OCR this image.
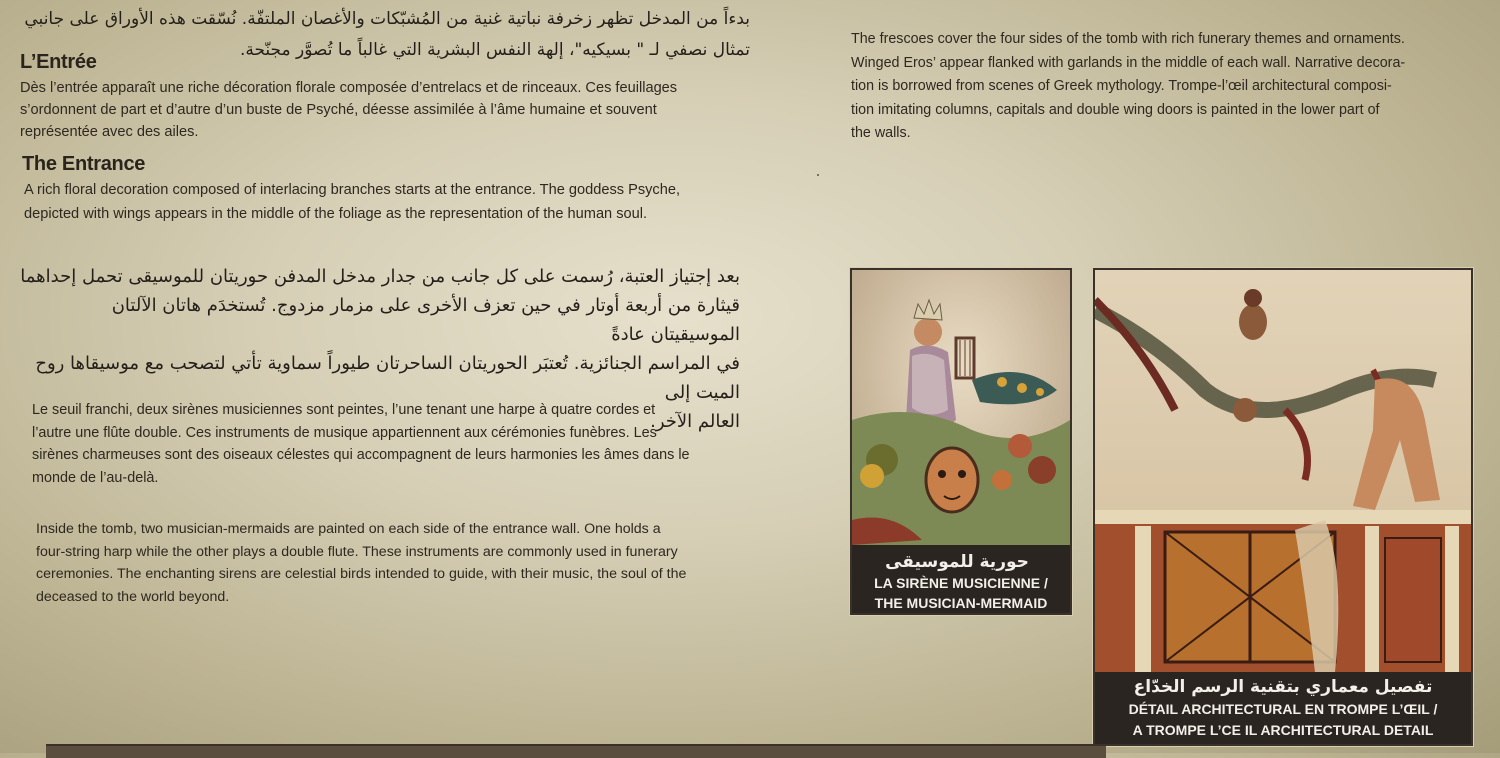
بدءاً من المدخل تظهر زخرفة نباتية غنية من المُشبّكات والأغصان الملتفّة. نُسّقت هذه الأوراق على جانبي

تمثال نصفي لـ " بسيكيه"، إلهة النفس البشرية التي غالباً ما تُصوَّر مجنّحة.

L’Entrée
Dès l’entrée apparaît une riche décoration florale composée d’entrelacs et de rinceaux. Ces feuillages
s’ordonnent de part et d’autre d’un buste de Psyché, déesse assimilée à l’âme humaine et souvent
représentée avec des ailes.
The Entrance
A rich floral decoration composed of interlacing branches starts at the entrance. The goddess Psyche,
depicted with wings appears in the middle of the foliage as the representation of the human soul.

بعد إجتياز العتبة، رُسمت على كل جانب من جدار مدخل المدفن حوريتان للموسيقى تحمل إحداهما

قيثارة من أربعة أوتار في حين تعزف الأخرى على مزمار مزدوج. تُستخدَم هاتان الآلتان الموسيقيتان عادةً

في المراسم الجنائزية. تُعتبَر الحوريتان الساحرتان طيوراً سماوية تأتي لتصحب مع موسيقاها روح الميت إلى

العالم الآخر.

Le seuil franchi, deux sirènes musiciennes sont peintes, l’une tenant une harpe à quatre cordes et
l’autre une flûte double. Ces instruments de musique appartiennent aux cérémonies funèbres. Les
sirènes charmeuses sont des oiseaux célestes qui accompagnent de leurs harmonies les âmes dans le
monde de l’au-delà.
Inside the tomb, two musician-mermaids are painted on each side of the entrance wall. One holds a
four-string harp while the other plays a double flute. These instruments are commonly used in funerary
ceremonies. The enchanting sirens are celestial birds intended to guide, with their music, the soul of the
deceased to the world beyond.
The frescoes cover the four sides of the tomb with rich funerary themes and ornaments.
Winged Eros’ appear flanked with garlands in the middle of each wall. Narrative decora-
tion is borrowed from scenes of Greek mythology. Trompe-l’œil architectural composi-
tion imitating columns, capitals and double wing doors is painted in the lower part of
the walls.
حورية للموسيقى
LA SIRÈNE MUSICIENNE /
THE MUSICIAN-MERMAID
تفصيل معماري بتقنية الرسم الخدّاع
DÉTAIL ARCHITECTURAL EN TROMPE L’ŒIL /
A TROMPE L’CE IL ARCHITECTURAL DETAIL
